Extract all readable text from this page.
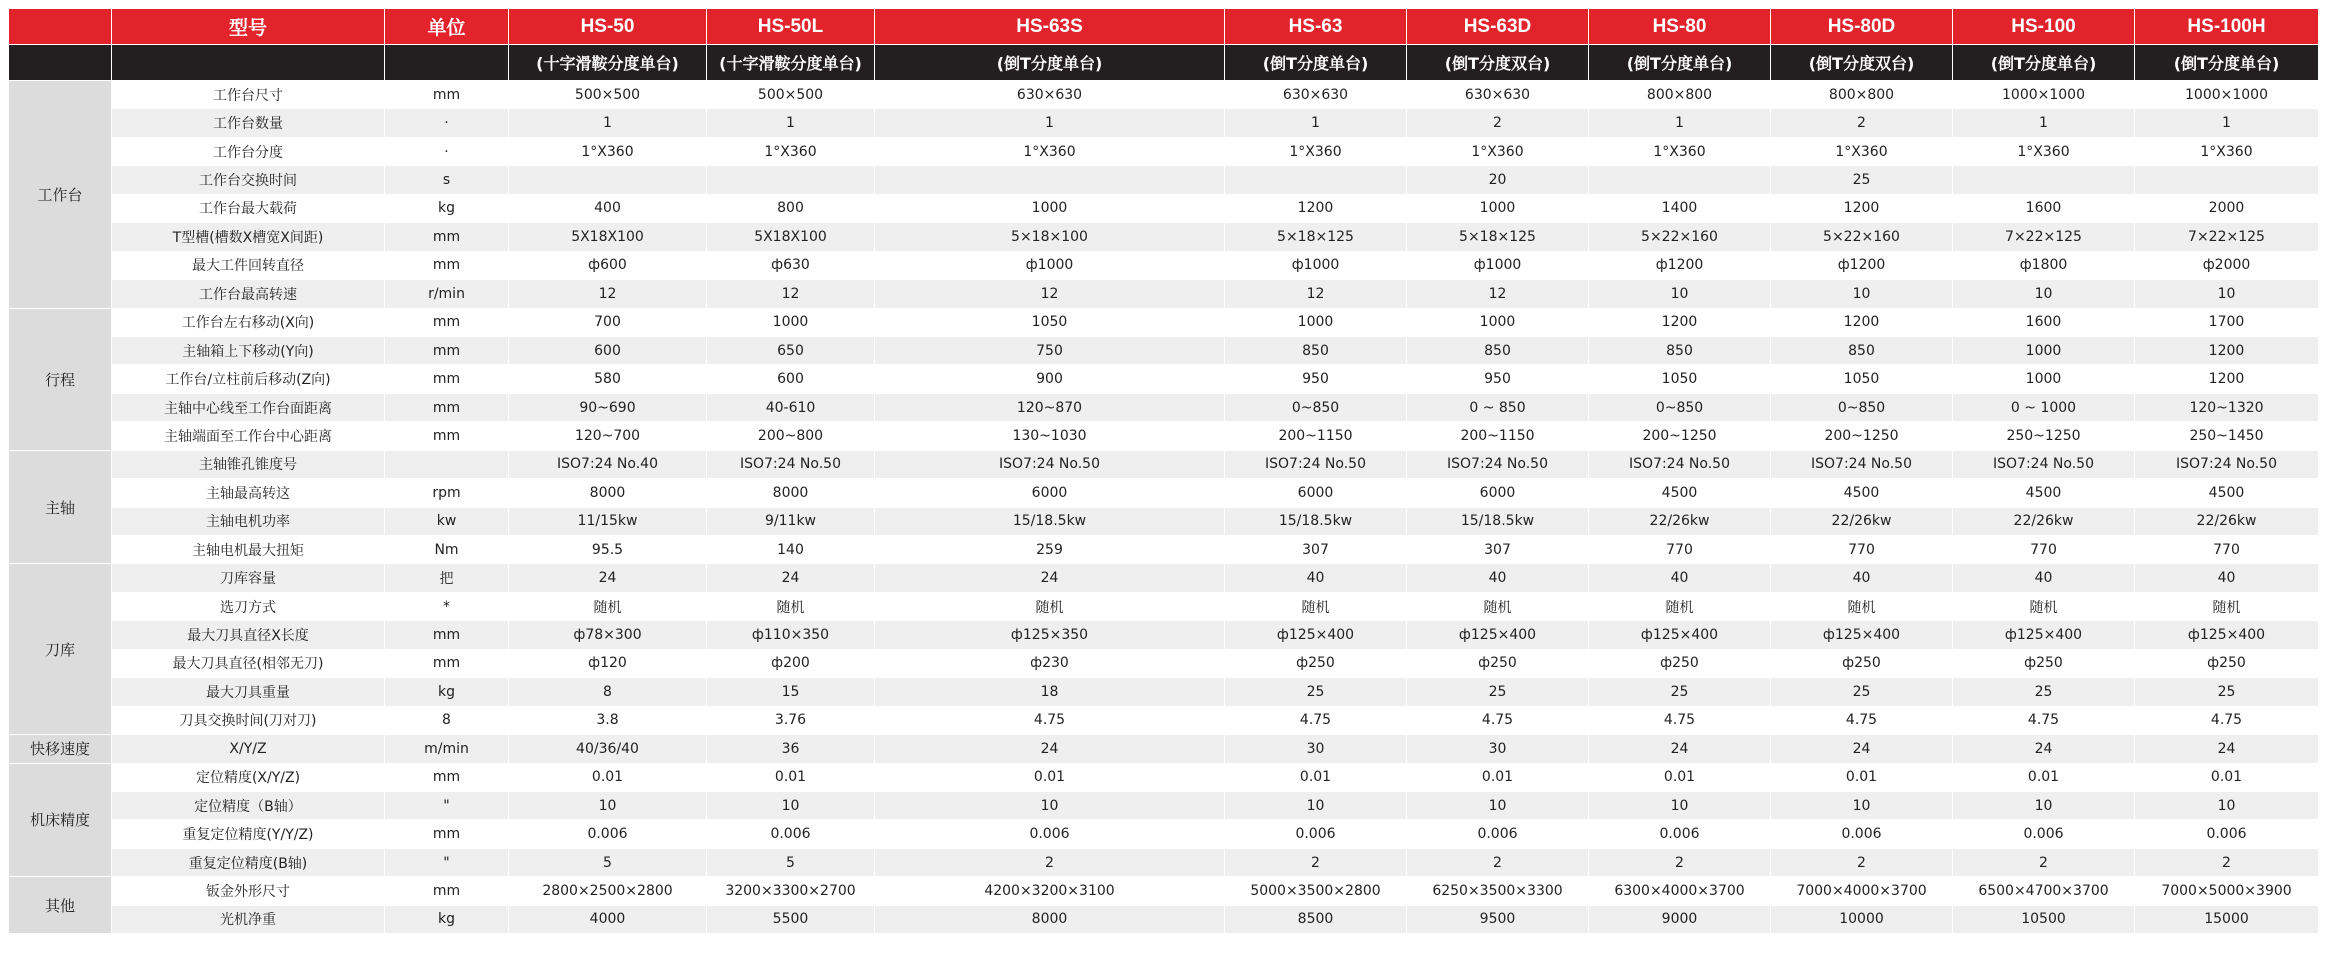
	型号	单位	HS-50	HS-50L	HS-63S	HS-63	HS-63D	HS-80	HS-80D	HS-100	HS-100H
			(十字滑鞍分度单台)	(十字滑鞍分度单台)	(倒T分度单台)	(倒T分度单台)	(倒T分度双台)	(倒T分度单台)	(倒T分度双台)	(倒T分度单台)	(倒T分度单台)
工作台	工作台尺寸	mm	500×500	500×500	630×630	630×630	630×630	800×800	800×800	1000×1000	1000×1000
	工作台数量	·	1	1	1	1	2	1	2	1	1
	工作台分度	·	1°X360	1°X360	1°X360	1°X360	1°X360	1°X360	1°X360	1°X360	1°X360
	工作台交换时间	s					20		25		
	工作台最大载荷	kg	400	800	1000	1200	1000	1400	1200	1600	2000
	T型槽(槽数X槽宽X间距)	mm	5X18X100	5X18X100	5×18×100	5×18×125	5×18×125	5×22×160	5×22×160	7×22×125	7×22×125
	最大工件回转直径	mm	ф600	ф630	ф1000	ф1000	ф1000	ф1200	ф1200	ф1800	ф2000
	工作台最高转速	r/min	12	12	12	12	12	10	10	10	10
行程	工作台左右移动(X向)	mm	700	1000	1050	1000	1000	1200	1200	1600	1700
	主轴箱上下移动(Y向)	mm	600	650	750	850	850	850	850	1000	1200
	工作台/立柱前后移动(Z向)	mm	580	600	900	950	950	1050	1050	1000	1200
	主轴中心线至工作台面距离	mm	90~690	40-610	120~870	0~850	0 ~ 850	0~850	0~850	0 ~ 1000	120~1320
	主轴端面至工作台中心距离	mm	120~700	200~800	130~1030	200~1150	200~1150	200~1250	200~1250	250~1250	250~1450
主轴	主轴锥孔锥度号		ISO7:24 No.40	ISO7:24 No.50	ISO7:24 No.50	ISO7:24 No.50	ISO7:24 No.50	ISO7:24 No.50	ISO7:24 No.50	ISO7:24 No.50	ISO7:24 No.50
	主轴最高转这	rpm	8000	8000	6000	6000	6000	4500	4500	4500	4500
	主轴电机功率	kw	11/15kw	9/11kw	15/18.5kw	15/18.5kw	15/18.5kw	22/26kw	22/26kw	22/26kw	22/26kw
	主轴电机最大扭矩	Nm	95.5	140	259	307	307	770	770	770	770
刀库	刀库容量	把	24	24	24	40	40	40	40	40	40
	选刀方式	*	随机	随机	随机	随机	随机	随机	随机	随机	随机
	最大刀具直径X长度	mm	ф78×300	ф110×350	ф125×350	ф125×400	ф125×400	ф125×400	ф125×400	ф125×400	ф125×400
	最大刀具直径(相邻无刀)	mm	ф120	ф200	ф230	ф250	ф250	ф250	ф250	ф250	ф250
	最大刀具重量	kg	8	15	18	25	25	25	25	25	25
	刀具交换时间(刀对刀)	8	3.8	3.76	4.75	4.75	4.75	4.75	4.75	4.75	4.75
快移速度	X/Y/Z	m/min	40/36/40	36	24	30	30	24	24	24	24
机床精度	定位精度(X/Y/Z)	mm	0.01	0.01	0.01	0.01	0.01	0.01	0.01	0.01	0.01
	定位精度（B轴）	"	10	10	10	10	10	10	10	10	10
	重复定位精度(Y/Y/Z)	mm	0.006	0.006	0.006	0.006	0.006	0.006	0.006	0.006	0.006
	重复定位精度(B轴)	"	5	5	2	2	2	2	2	2	2
其他	钣金外形尺寸	mm	2800×2500×2800	3200×3300×2700	4200×3200×3100	5000×3500×2800	6250×3500×3300	6300×4000×3700	7000×4000×3700	6500×4700×3700	7000×5000×3900
	光机净重	kg	4000	5500	8000	8500	9500	9000	10000	10500	15000
